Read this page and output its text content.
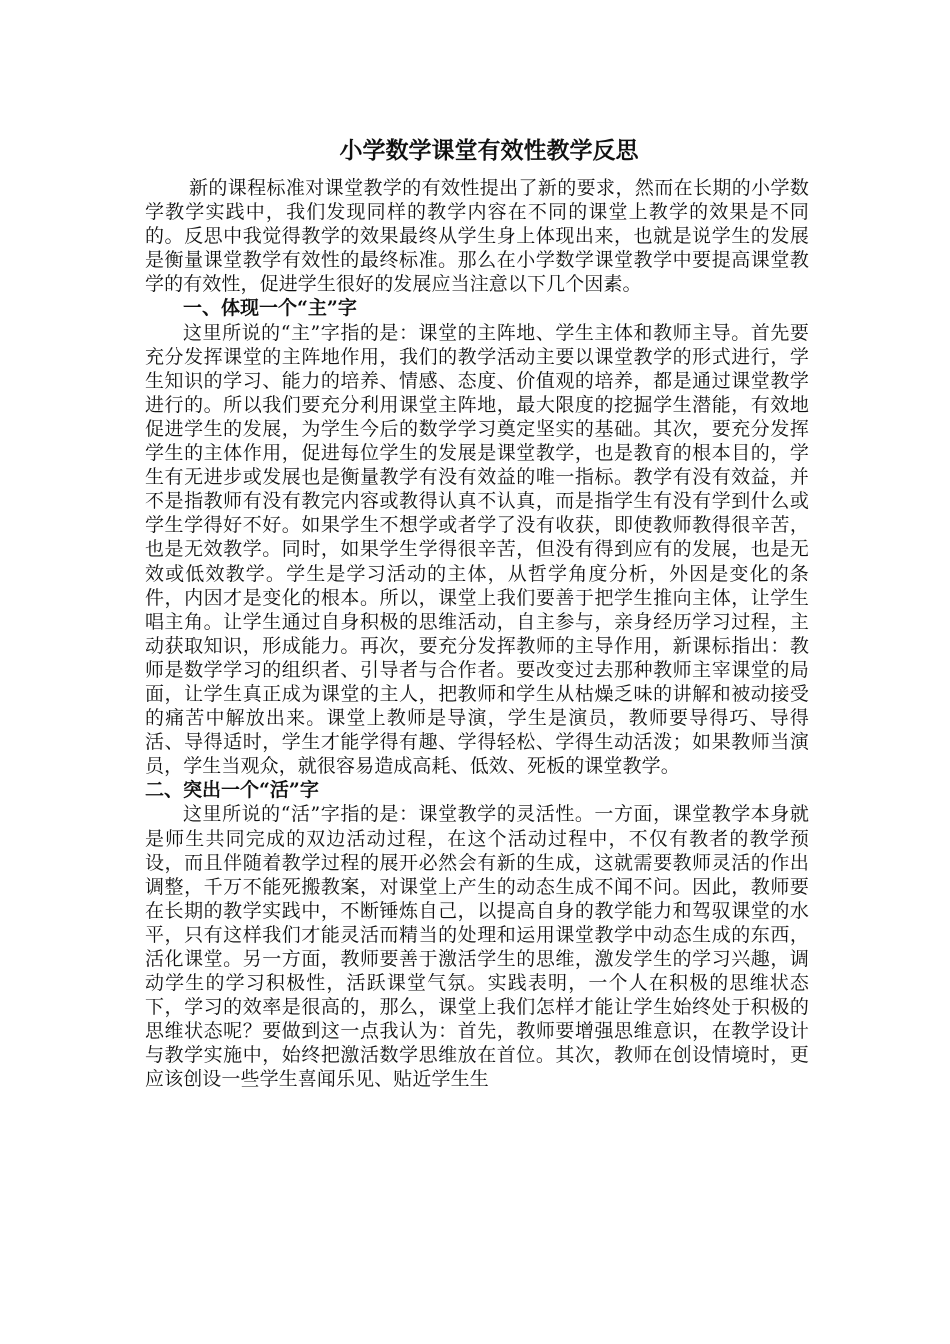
小学数学课堂有效性教学反思

新的课程标准对课堂教学的有效性提出了新的要求，然而在长期的小学数学教学实践中，我们发现同样的教学内容在不同的课堂上教学的效果是不同的。反思中我觉得教学的效果最终从学生身上体现出来，也就是说学生的发展是衡量课堂教学有效性的最终标准。那么在小学数学课堂教学中要提高课堂教学的有效性，促进学生很好的发展应当注意以下几个因素。

一、体现一个“主”字

这里所说的“主”字指的是：课堂的主阵地、学生主体和教师主导。首先要充分发挥课堂的主阵地作用，我们的教学活动主要以课堂教学的形式进行，学生知识的学习、能力的培养、情感、态度、价值观的培养，都是通过课堂教学进行的。所以我们要充分利用课堂主阵地，最大限度的挖掘学生潜能，有效地促进学生的发展，为学生今后的数学学习奠定坚实的基础。其次，要充分发挥学生的主体作用，促进每位学生的发展是课堂教学，也是教育的根本目的，学生有无进步或发展也是衡量教学有没有效益的唯一指标。教学有没有效益，并不是指教师有没有教完内容或教得认真不认真，而是指学生有没有学到什么或学生学得好不好。如果学生不想学或者学了没有收获，即使教师教得很辛苦，也是无效教学。同时，如果学生学得很辛苦，但没有得到应有的发展，也是无效或低效教学。学生是学习活动的主体，从哲学角度分析，外因是变化的条件，内因才是变化的根本。所以，课堂上我们要善于把学生推向主体，让学生唱主角。让学生通过自身积极的思维活动，自主参与，亲身经历学习过程，主动获取知识，形成能力。再次，要充分发挥教师的主导作用，新课标指出：教师是数学学习的组织者、引导者与合作者。要改变过去那种教师主宰课堂的局面，让学生真正成为课堂的主人，把教师和学生从枯燥乏味的讲解和被动接受的痛苦中解放出来。课堂上教师是导演，学生是演员，教师要导得巧、导得活、导得适时，学生才能学得有趣、学得轻松、学得生动活泼；如果教师当演员，学生当观众，就很容易造成高耗、低效、死板的课堂教学。

二、突出一个“活”字

这里所说的“活”字指的是：课堂教学的灵活性。一方面，课堂教学本身就是师生共同完成的双边活动过程，在这个活动过程中，不仅有教者的教学预设，而且伴随着教学过程的展开必然会有新的生成，这就需要教师灵活的作出调整，千万不能死搬教案，对课堂上产生的动态生成不闻不问。因此，教师要在长期的教学实践中，不断锤炼自己，以提高自身的教学能力和驾驭课堂的水平，只有这样我们才能灵活而精当的处理和运用课堂教学中动态生成的东西，活化课堂。另一方面，教师要善于激活学生的思维，激发学生的学习兴趣，调动学生的学习积极性，活跃课堂气氛。实践表明，一个人在积极的思维状态下，学习的效率是很高的，那么，课堂上我们怎样才能让学生始终处于积极的思维状态呢？要做到这一点我认为：首先，教师要增强思维意识，在教学设计与教学实施中，始终把激活数学思维放在首位。其次，教师在创设情境时，更应该创设一些学生喜闻乐见、贴近学生生
